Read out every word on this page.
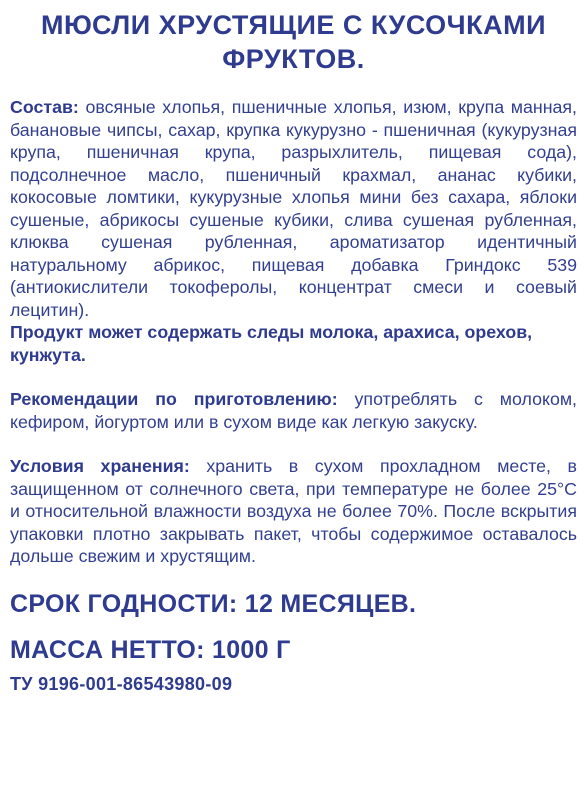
МЮСЛИ ХРУСТЯЩИЕ С КУСОЧКАМИ ФРУКТОВ.

Состав: овсяные хлопья, пшеничные хлопья, изюм, крупа манная, банановые чипсы, сахар, крупка кукурузно - пшеничная (кукурузная крупа, пшеничная крупа, разрыхлитель, пищевая сода), подсолнечное масло, пшеничный крахмал, ананас кубики, кокосовые ломтики, кукурузные хлопья мини без сахара, яблоки сушеные, абрикосы сушеные кубики, слива сушеная рубленная, клюква сушеная рубленная, ароматизатор идентичный натуральному абрикос, пищевая добавка Гриндокс 539 (антиокислители токоферолы, концентрат смеси и соевый лецитин).

Продукт может содержать следы молока, арахиса, орехов, кунжута.

Рекомендации по приготовлению: употреблять с молоком, кефиром, йогуртом или в сухом виде как легкую закуску.

Условия хранения: хранить в сухом прохладном месте, в защищенном от солнечного света, при температуре не более 25°С и относительной влажности воздуха не более 70%. После вскрытия упаковки плотно закрывать пакет, чтобы содержимое оставалось дольше свежим и хрустящим.

СРОК ГОДНОСТИ: 12 МЕСЯЦЕВ.

МАССА НЕТТО: 1000 Г

ТУ 9196-001-86543980-09
